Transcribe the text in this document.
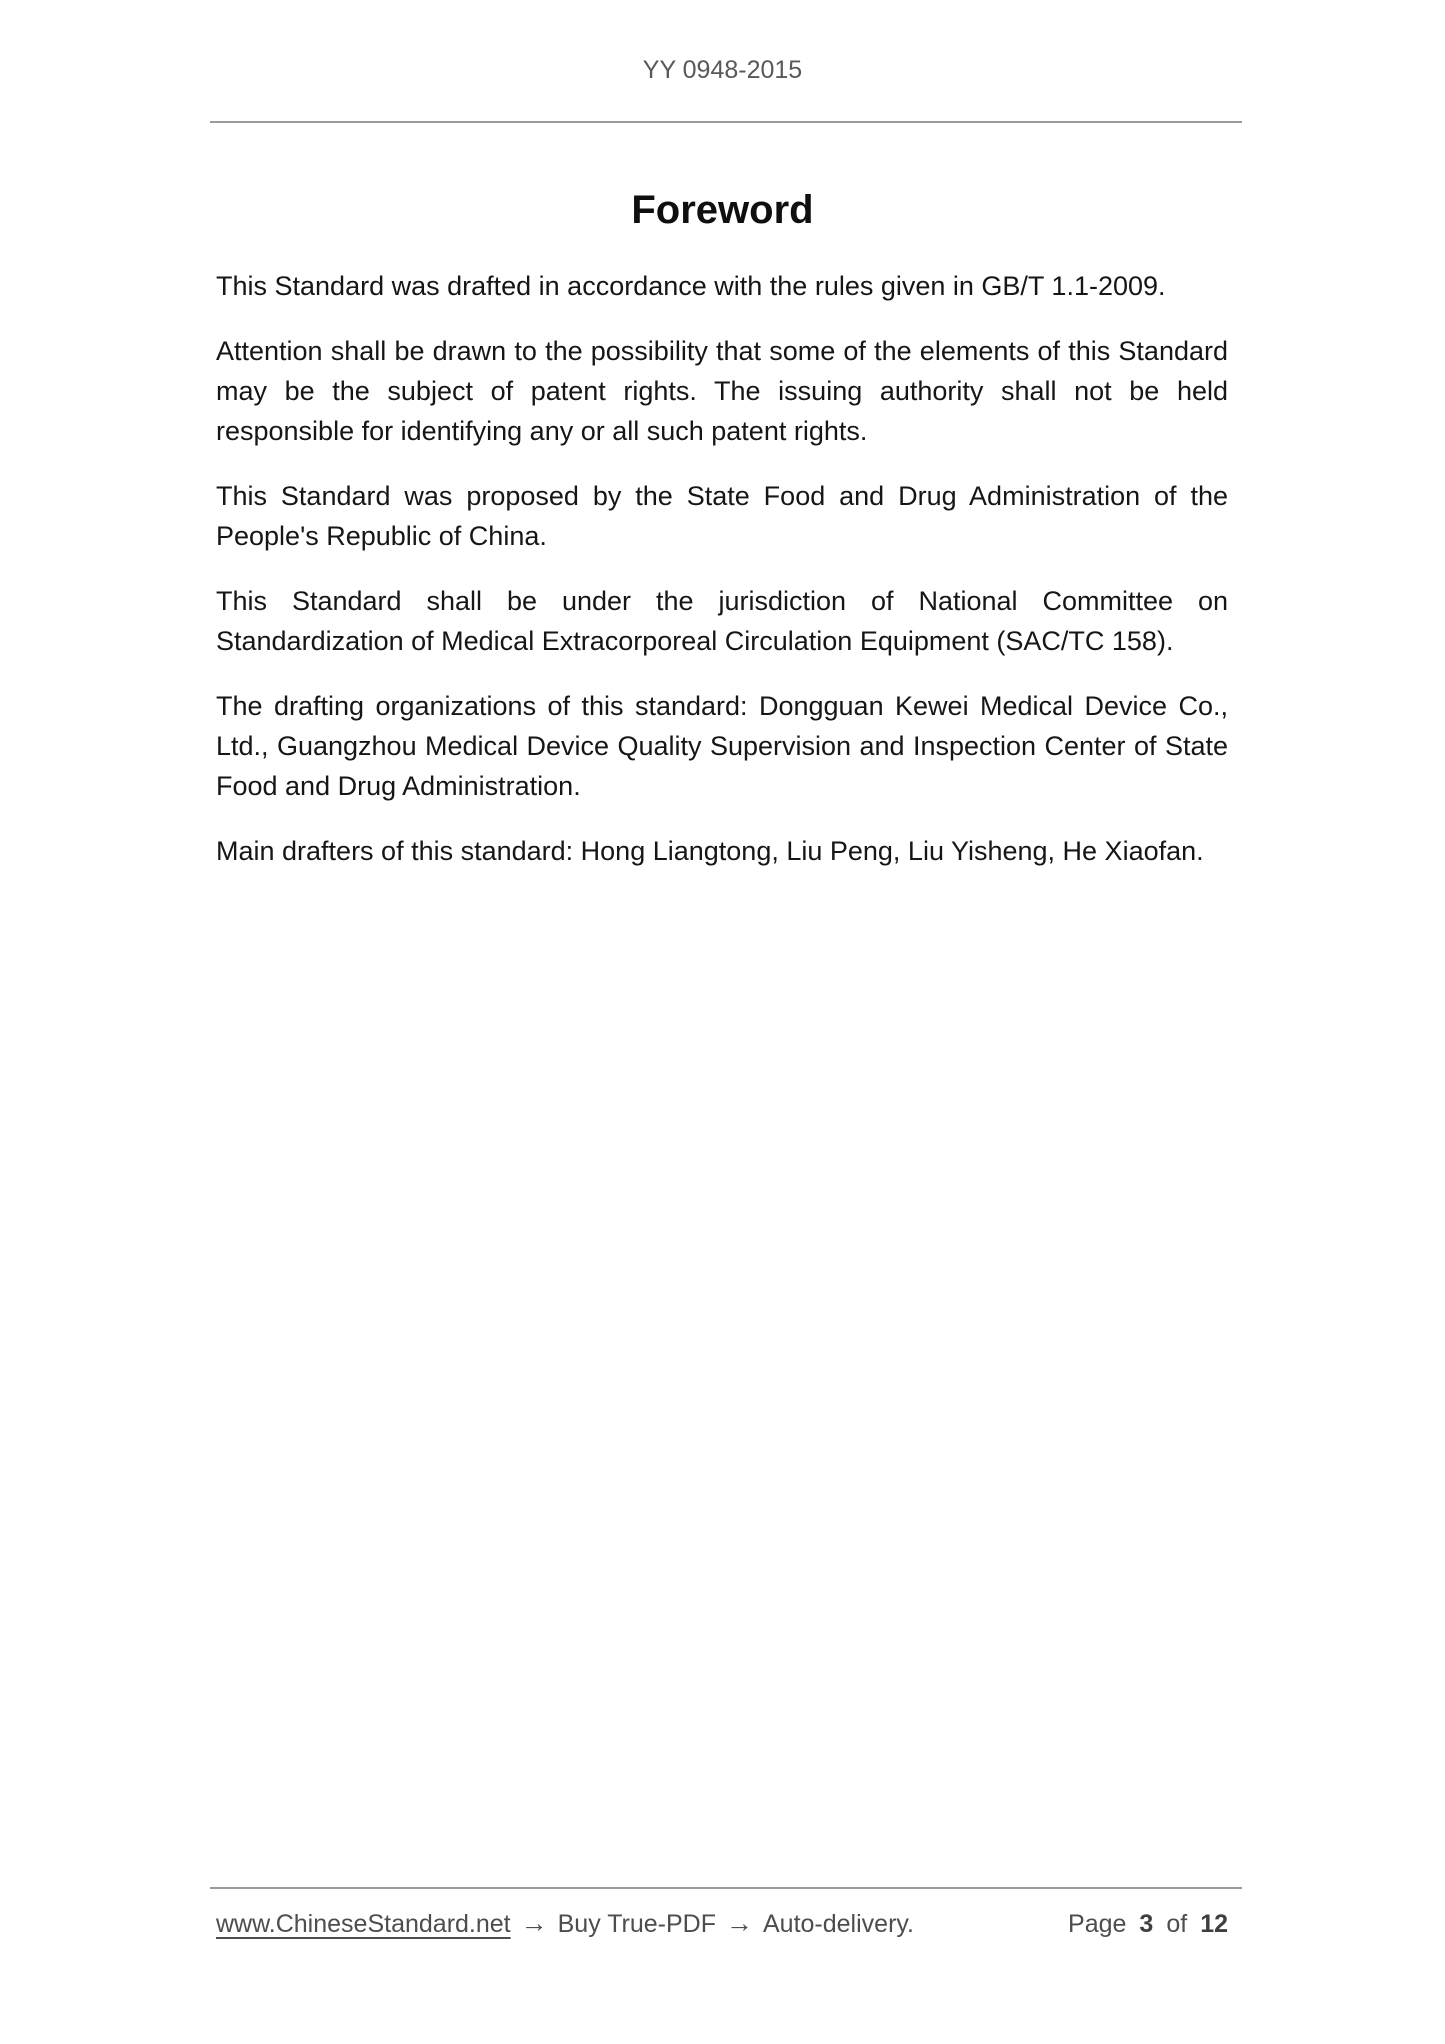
YY 0948-2015
Foreword

This Standard was drafted in accordance with the rules given in GB/T 1.1-2009.

Attention shall be drawn to the possibility that some of the elements of this Standard may be the subject of patent rights. The issuing authority shall not be held responsible for identifying any or all such patent rights.

This Standard was proposed by the State Food and Drug Administration of the People's Republic of China.

This Standard shall be under the jurisdiction of National Committee on Standardization of Medical Extracorporeal Circulation Equipment (SAC/TC 158).

The drafting organizations of this standard: Dongguan Kewei Medical Device Co., Ltd., Guangzhou Medical Device Quality Supervision and Inspection Center of State Food and Drug Administration.

Main drafters of this standard: Hong Liangtong, Liu Peng, Liu Yisheng, He Xiaofan.

www.ChineseStandard.net → Buy True-PDF → Auto-delivery.	Page 3 of 12
